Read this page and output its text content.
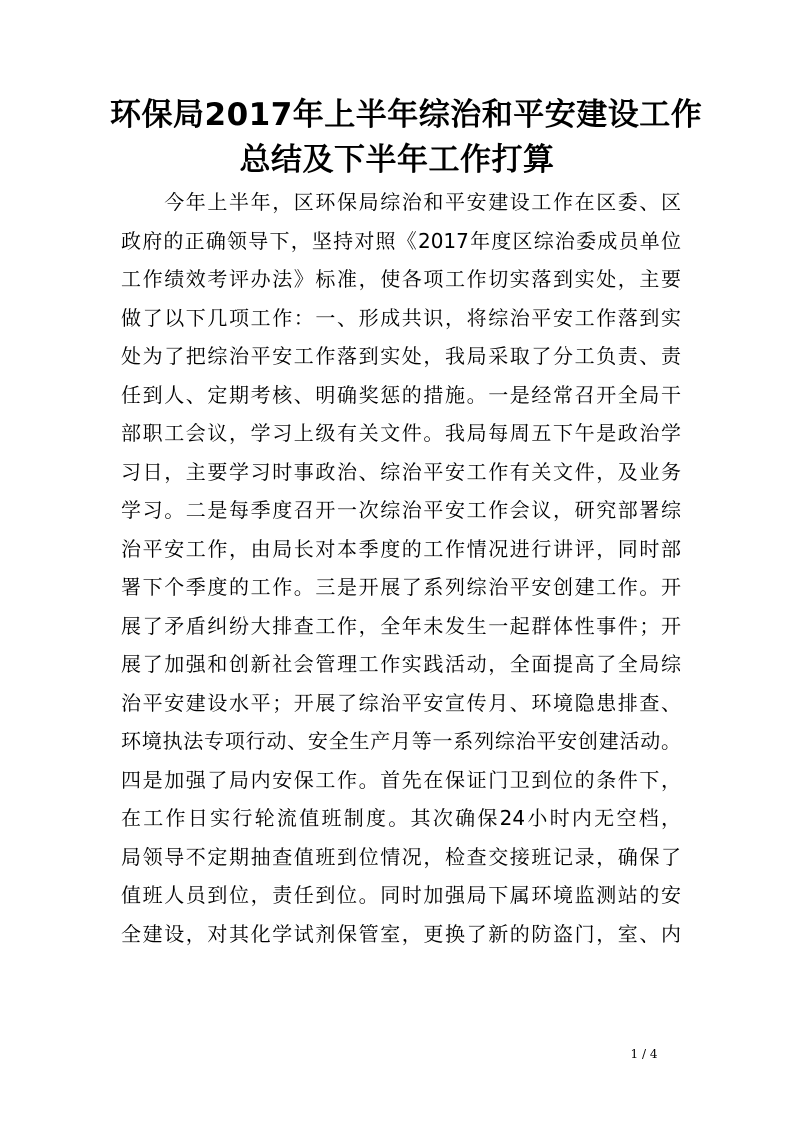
环保局2017年上半年综治和平安建设工作
总结及下半年工作打算
　　今年上半年，区环保局综治和平安建设工作在区委、区
政府的正确领导下，坚持对照《2017年度区综治委成员单位
工作绩效考评办法》标准，使各项工作切实落到实处，主要
做了以下几项工作：一、形成共识，将综治平安工作落到实
处为了把综治平安工作落到实处，我局采取了分工负责、责
任到人、定期考核、明确奖惩的措施。一是经常召开全局干
部职工会议，学习上级有关文件。我局每周五下午是政治学
习日，主要学习时事政治、综治平安工作有关文件，及业务
学习。二是每季度召开一次综治平安工作会议，研究部署综
治平安工作，由局长对本季度的工作情况进行讲评，同时部
署下个季度的工作。三是开展了系列综治平安创建工作。开
展了矛盾纠纷大排查工作，全年未发生一起群体性事件；开
展了加强和创新社会管理工作实践活动，全面提高了全局综
治平安建设水平；开展了综治平安宣传月、环境隐患排查、
环境执法专项行动、安全生产月等一系列综治平安创建活动。
四是加强了局内安保工作。首先在保证门卫到位的条件下，
在工作日实行轮流值班制度。其次确保24小时内无空档，
局领导不定期抽查值班到位情况，检查交接班记录，确保了
值班人员到位，责任到位。同时加强局下属环境监测站的安
全建设，对其化学试剂保管室，更换了新的防盗门，室、内
1 / 4
